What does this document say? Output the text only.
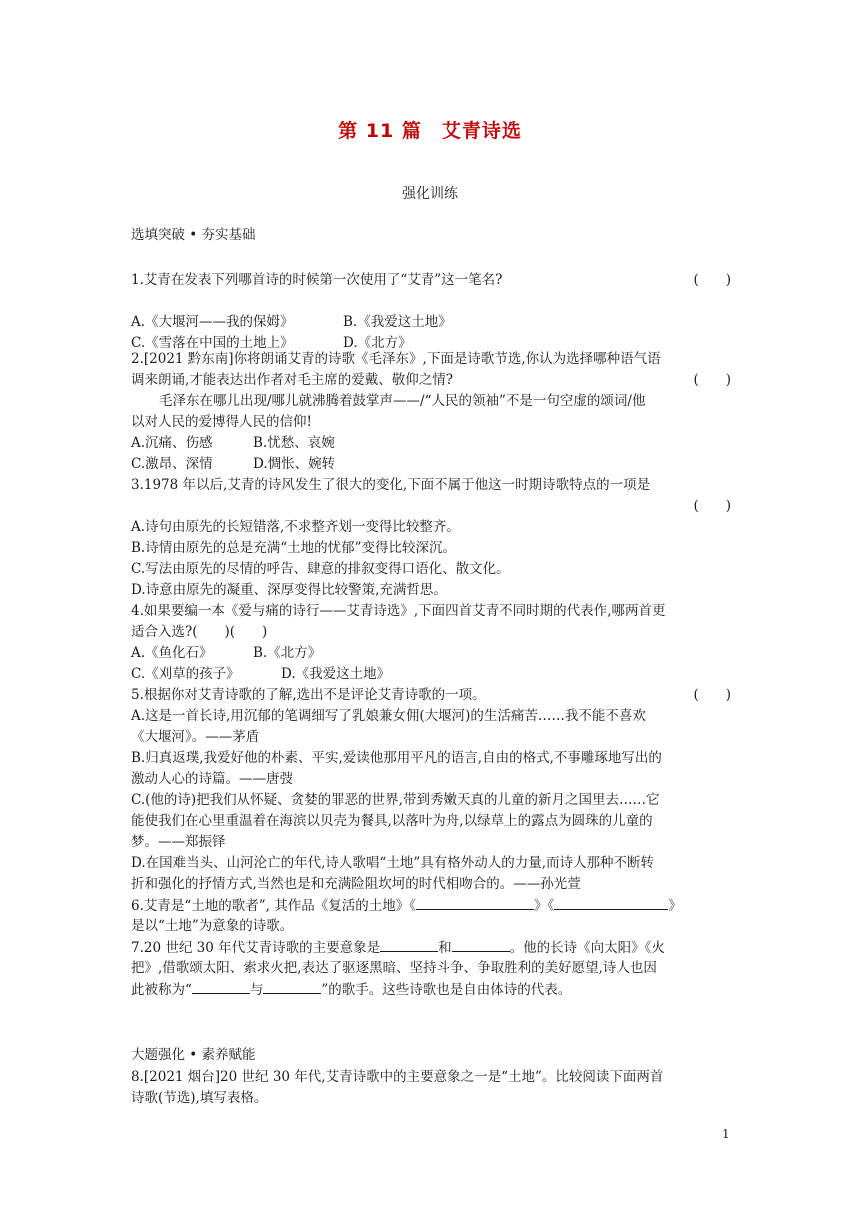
第 11 篇　艾青诗选
强化训练
选填突破 • 夯实基础
1.艾青在发表下列哪首诗的时候第一次使用了“艾青”这一笔名?	(　　)
A.《大堰河——我的保姆》	B.《我爱这土地》
C.《雪落在中国的土地上》	D.《北方》
2.[2021 黔东南]你将朗诵艾青的诗歌《毛泽东》,下面是诗歌节选,你认为选择哪种语气语
调来朗诵,才能表达出作者对毛主席的爱戴、敬仰之情?	(　　)
毛泽东在哪儿出现/哪儿就沸腾着鼓掌声——/“人民的领袖”不是一句空虚的颂词/他
以对人民的爱博得人民的信仰!
A.沉痛、伤感	B.忧愁、哀婉
C.激昂、深情	D.惆怅、婉转
3.1978 年以后,艾青的诗风发生了很大的变化,下面不属于他这一时期诗歌特点的一项是
(　　)
A.诗句由原先的长短错落,不求整齐划一变得比较整齐。
B.诗情由原先的总是充满“土地的忧郁”变得比较深沉。
C.写法由原先的尽情的呼告、肆意的排叙变得口语化、散文化。
D.诗意由原先的凝重、深厚变得比较警策,充满哲思。
4.如果要编一本《爱与痛的诗行——艾青诗选》,下面四首艾青不同时期的代表作,哪两首更
适合入选?(　　)(　　)
A.《鱼化石》	B.《北方》
C.《刈草的孩子》	D.《我爱这土地》
5.根据你对艾青诗歌的了解,选出不是评论艾青诗歌的一项。	(　　)
A.这是一首长诗,用沉郁的笔调细写了乳娘兼女佣(大堰河)的生活痛苦……我不能不喜欢
《大堰河》。——茅盾
B.归真返璞,我爱好他的朴素、平实,爱读他那用平凡的语言,自由的格式,不事雕琢地写出的
激动人心的诗篇。——唐弢
C.(他的诗)把我们从怀疑、贪婪的罪恶的世界,带到秀嫩天真的儿童的新月之国里去……它
能使我们在心里重温着在海滨以贝壳为餐具,以落叶为舟,以绿草上的露点为圆珠的儿童的
梦。——郑振铎
D.在国难当头、山河沦亡的年代,诗人歌唱“土地”具有格外动人的力量,而诗人那种不断转
折和强化的抒情方式,当然也是和充满险阻坎坷的时代相吻合的。——孙光萱
6.艾青是“土地的歌者”, 其作品《复活的土地》《	》《	》
是以“土地”为意象的诗歌。
7.20 世纪 30 年代艾青诗歌的主要意象是	和	。他的长诗《向太阳》《火
把》,借歌颂太阳、索求火把,表达了驱逐黑暗、坚持斗争、争取胜利的美好愿望,诗人也因
此被称为“	与	”的歌手。这些诗歌也是自由体诗的代表。
大题强化 • 素养赋能
8.[2021 烟台]20 世纪 30 年代,艾青诗歌中的主要意象之一是“土地”。比较阅读下面两首
诗歌(节选),填写表格。
1
